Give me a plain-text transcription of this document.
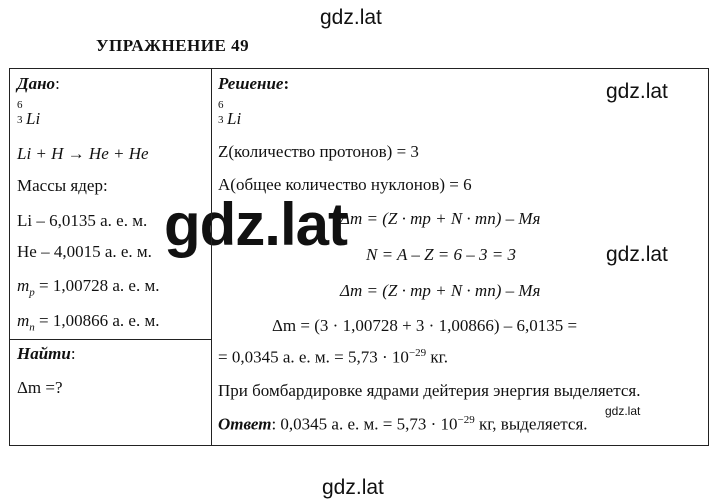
gdz.lat
gdz.lat
gdz.lat	gdz.lat
gdz.lat
gdz.lat
УПРАЖНЕНИЕ 49
Дано:
6
3 Li
Li + H → He + He
Массы ядер:
Li – 6,0135 а. е. м.
He – 4,0015 а. е. м.
$m_p = 1,00728$ а. е. м.
$m_n = 1,00866$ а. е. м.
Найти:
Δm =?
Решение:
6
3 Li
Z(количество протонов) = 3
A(общее количество нуклонов) = 6
Δm = (Z · mp + N · mn) – Mя
N = A – Z = 6 – 3 = 3
Δm = (Z · mp + N · mn) – Mя
Δm = (3 · 1,00728 + 3 · 1,00866) – 6,0135 =
= 0,0345 а. е. м. = $5,73 \cdot 10^{-29}$ кг.
При бомбардировке ядрами дейтерия энергия выделяется.
Ответ: 0,0345 а. е. м. = $5,73 \cdot 10^{-29}$ кг, выделяется.
